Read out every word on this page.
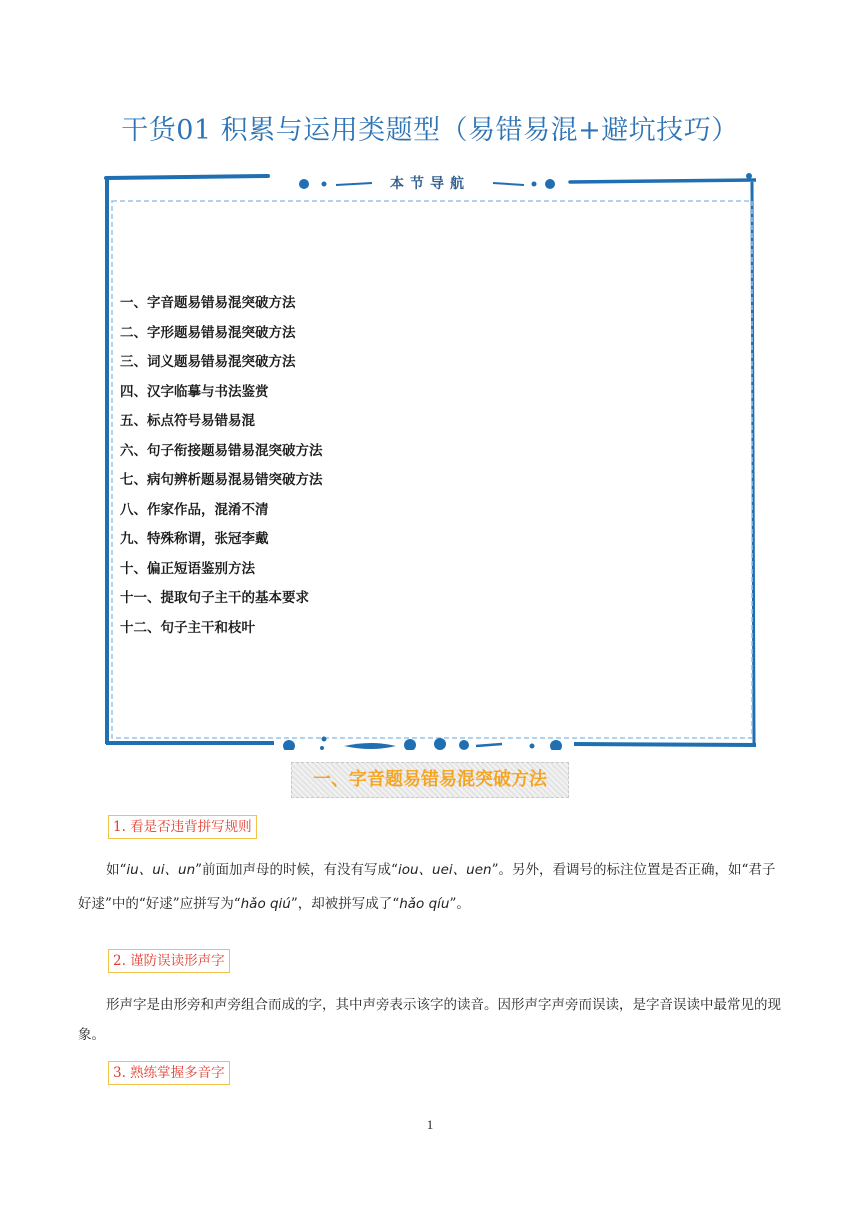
干货01 积累与运用类题型（易错易混+避坑技巧）
本节导航
一、字音题易错易混突破方法
二、字形题易错易混突破方法
三、词义题易错易混突破方法
四、汉字临摹与书法鉴赏
五、标点符号易错易混
六、句子衔接题易错易混突破方法
七、病句辨析题易混易错突破方法
八、作家作品，混淆不清
九、特殊称谓，张冠李戴
十、偏正短语鉴别方法
十一、提取句子主干的基本要求
十二、句子主干和枝叶
一、字音题易错易混突破方法
1. 看是否违背拼写规则

如“iu、ui、un”前面加声母的时候，有没有写成“iou、uei、uen”。另外，看调号的标注位置是否正确，如“君子好逑”中的“好逑”应拼写为“hǎo qiú”，却被拼写成了“hǎo qíu”。

2. 谨防误读形声字

形声字是由形旁和声旁组合而成的字，其中声旁表示该字的读音。因形声字声旁而误读，是字音误读中最常见的现象。

3. 熟练掌握多音字
1
